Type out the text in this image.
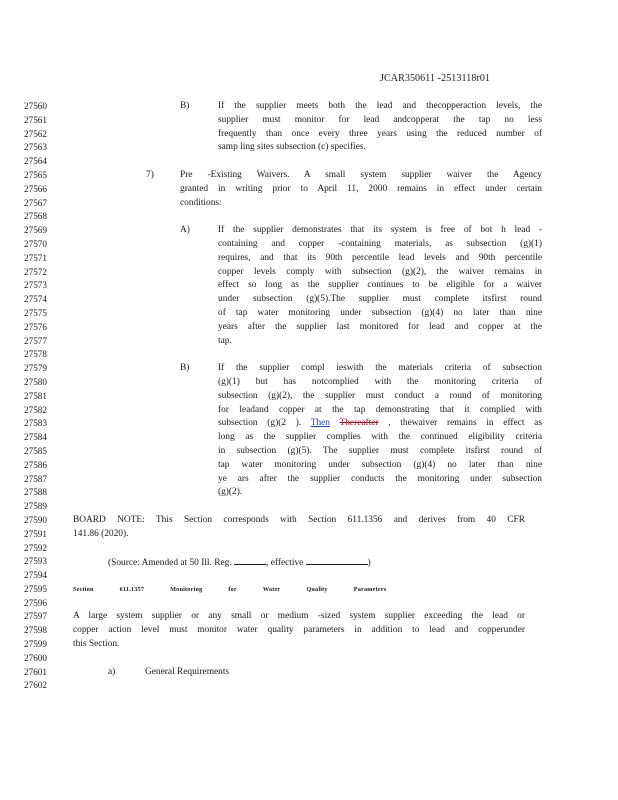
JCAR350611 -2513118r01
27560	B)	If the supplier meets both the lead and thecopperaction levels, the
27561	supplier must monitor for lead andcopperat the tap no less
27562	frequently than once every three years using the reduced number of
27563	samp ling sites subsection (c) specifies.
27564
27565	7)	Pre -Existing Waivers. A small system supplier waiver the Agency
27566	granted in writing prior to April 11, 2000 remains in effect under certain
27567	conditions:
27568
27569	A)	If the supplier demonstrates that its system is free of bot h lead -
27570	containing and copper -containing materials, as subsection (g)(1)
27571	requires, and that its 90th percentile lead levels and 90th percentile
27572	copper levels comply with subsection (g)(2), the waiver remains in
27573	effect so long as the supplier continues to be eligible for a waiver
27574	under subsection (g)(5).The supplier must complete itsfirst round
27575	of tap water monitoring under subsection (g)(4) no later than nine
27576	years after the supplier last monitored for lead and copper at the
27577	tap.
27578
27579	B)	If the supplier compl ieswith the materials criteria of subsection
27580	(g)(1) but has notcomplied with the monitoring criteria of
27581	subsection (g)(2), the supplier must conduct a round of monitoring
27582	for leadand copper at the tap demonstrating that it complied with
27583	subsection (g)(2 ). Then Thereafter , thewaiver remains in effect as
27584	long as the supplier complies with the continued eligibility criteria
27585	in subsection (g)(5). The supplier must complete itsfirst round of
27586	tap water monitoring under subsection (g)(4) no later than nine
27587	ye ars after the supplier conducts the monitoring under subsection
27588	(g)(2).
27589
27590	BOARD NOTE: This Section corresponds with Section 611.1356 and derives from 40 CFR
27591	141.86 (2020).
27592
27593	(Source: Amended at 50 Ill. Reg.	, effective	)
27594
27595	Section	611.1357	Monitoring	for	Water	Quality	Parameters
27596
27597	A large system supplier or any small or medium -sized system supplier exceeding the lead or
27598	copper action level must monitor water quality parameters in addition to lead and copperunder
27599	this Section.
27600
27601	a)	General Requirements
27602
